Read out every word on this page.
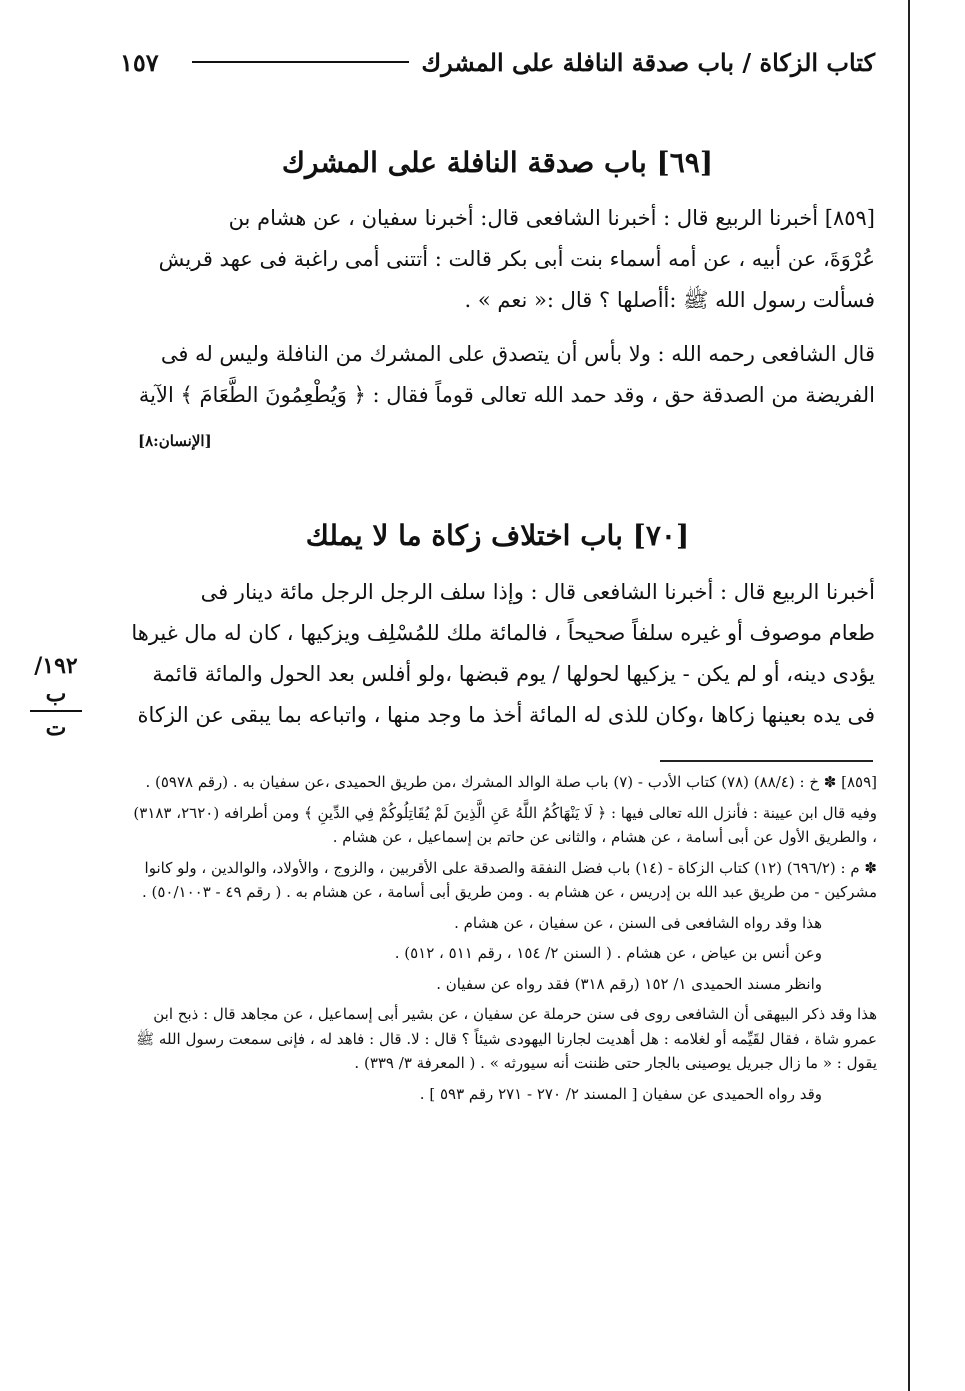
١٥٧	كتاب الزكاة / باب صدقة النافلة على المشرك
[٦٩] باب صدقة النافلة على المشرك
[٨٥٩] أخبرنا الربيع قال : أخبرنا الشافعى قال: أخبرنا سفيان ، عن هشام بن
عُرْوَةَ، عن أبيه ، عن أمه أسماء بنت أبى بكر قالت : أتتنى أمى راغبة فى عهد قريش
فسألت رسول الله ﷺ :أأصلها ؟ قال :« نعم » .
قال الشافعى رحمه الله : ولا بأس أن يتصدق على المشرك من النافلة وليس له فى
الفريضة من الصدقة حق ، وقد حمد الله تعالى قوماً فقال : ﴿ وَيُطْعِمُونَ الطَّعَامَ ﴾ الآية
[الإنسان:٨]
[٧٠] باب اختلاف زكاة ما لا يملك
أخبرنا الربيع قال : أخبرنا الشافعى قال : وإذا سلف الرجل الرجل مائة دينار فى
طعام موصوف أو غيره سلفاً صحيحاً ، فالمائة ملك للمُسْلِف ويزكيها ، كان له مال غيرها
يؤدى دينه، أو لم يكن - يزكيها لحولها / يوم قبضها ،ولو أفلس بعد الحول والمائة قائمة
فى يده بعينها زكاها ،وكان للذى له المائة أخذ ما وجد منها ، واتباعه بما يبقى عن الزكاة
١٩٢/ب
ت

[٨٥٩] ✽ خ : (٨٨/٤) (٧٨) كتاب الأدب - (٧) باب صلة الوالد المشرك ،من طريق الحميدى ،عن سفيان به . (رقم ٥٩٧٨) .

وفيه قال ابن عيينة : فأنزل الله تعالى فيها : ﴿ لَا يَنْهَاكُمُ اللَّهُ عَنِ الَّذِينَ لَمْ يُقَاتِلُوكُمْ فِي الدِّينِ ﴾ ومن أطرافه (٢٦٢٠، ٣١٨٣) ، والطريق الأول عن أبى أسامة ، عن هشام ، والثانى عن حاتم بن إسماعيل ، عن هشام .

✽ م : (٦٩٦/٢) (١٢) كتاب الزكاة - (١٤) باب فضل النفقة والصدقة على الأقربين ، والزوج ، والأولاد، والوالدين ، ولو كانوا مشركين - من طريق عبد الله بن إدريس ، عن هشام به . ومن طريق أبى أسامة ، عن هشام به . ( رقم ٤٩ - ٥٠/١٠٠٣) .

هذا وقد رواه الشافعى فى السنن ، عن سفيان ، عن هشام .

وعن أنس بن عياض ، عن هشام . ( السنن ٢/ ١٥٤ ، رقم ٥١١ ، ٥١٢) .

وانظر مسند الحميدى ١/ ١٥٢ (رقم ٣١٨) فقد رواه عن سفيان .

هذا وقد ذكر البيهقى أن الشافعى روى فى سنن حرملة عن سفيان ، عن بشير أبى إسماعيل ، عن مجاهد قال : ذبح ابن عمرو شاة ، فقال لقَيِّمه أو لغلامه : هل أهديت لجارنا اليهودى شيئاً ؟ قال : لا. قال : فاهد له ، فإنى سمعت رسول الله ﷺ يقول : « ما زال جبريل يوصينى بالجار حتى ظننت أنه سيورثه » . ( المعرفة ٣/ ٣٣٩) .

وقد رواه الحميدى عن سفيان [ المسند ٢/ ٢٧٠ - ٢٧١ رقم ٥٩٣ ] .
